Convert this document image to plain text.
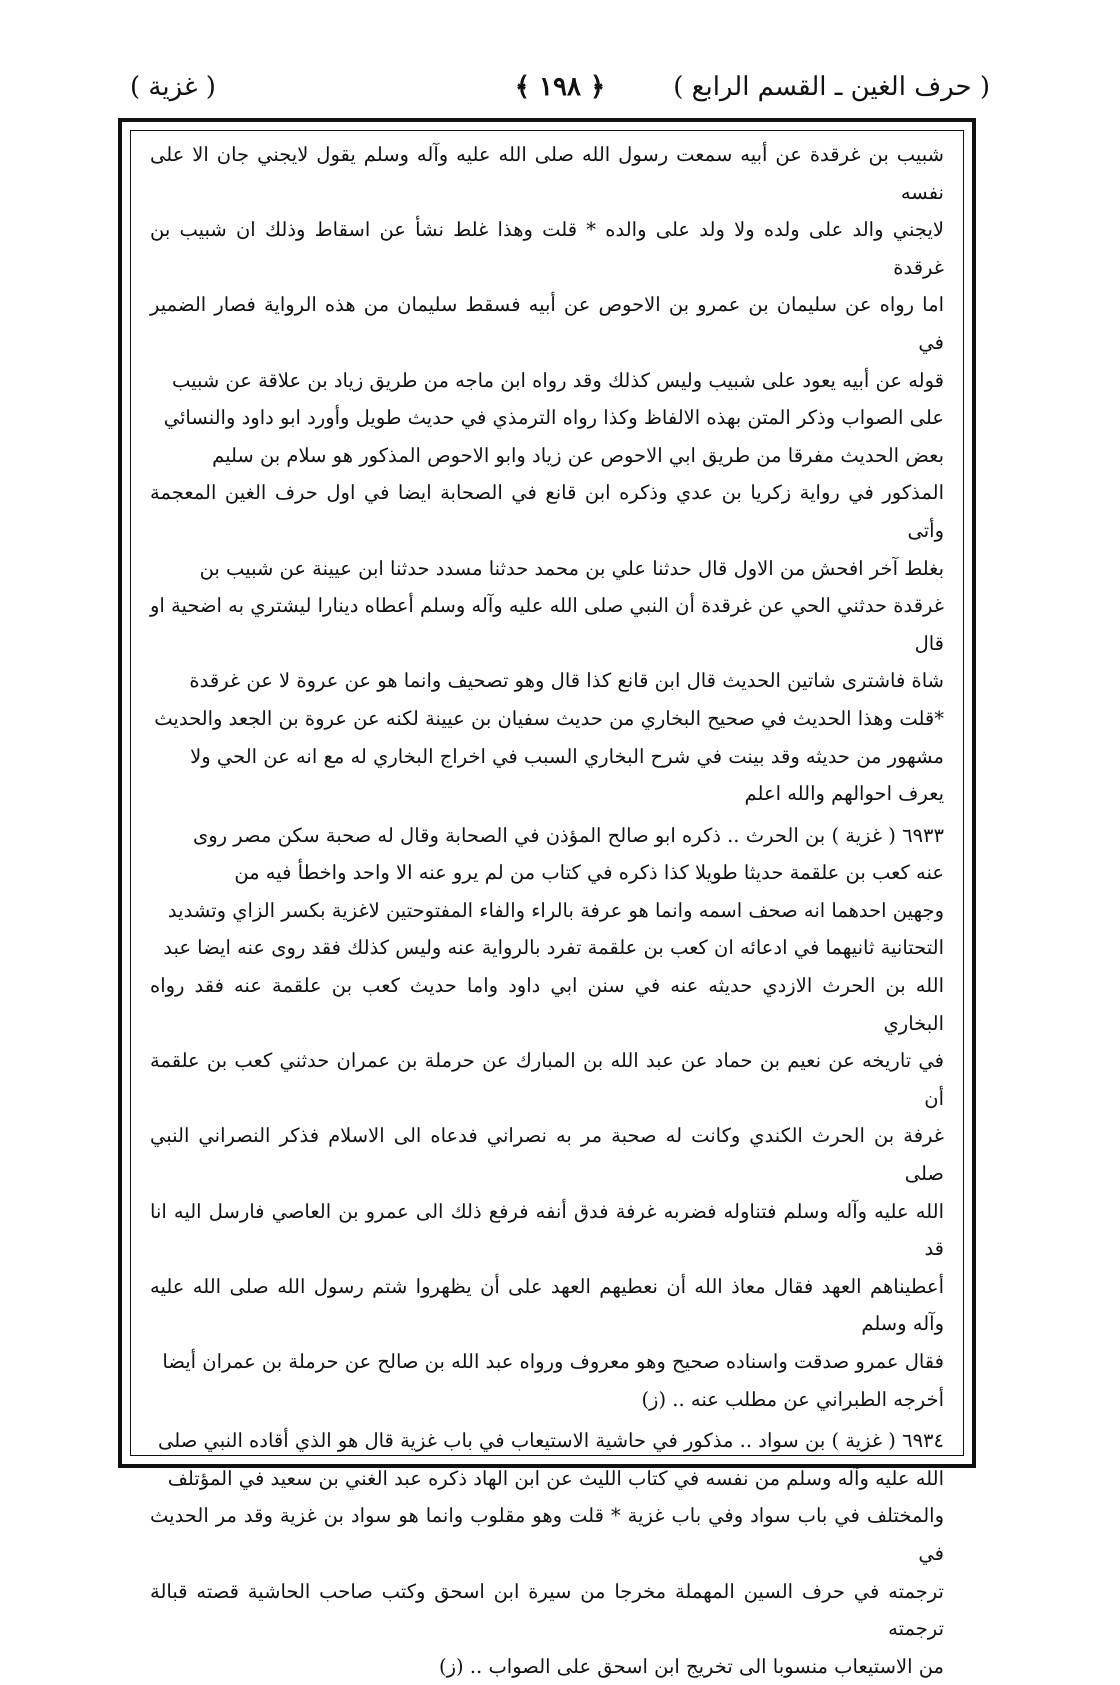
( حرف الغين ـ القسم الرابع )
﴿ ١٩٨ ﴾
( غزية )

شبيب بن غرقدة عن أبيه سمعت رسول الله صلى الله عليه وآله وسلم يقول لايجني جان الا على نفسه

لايجني والد على ولده ولا ولد على والده * قلت وهذا غلط نشأ عن اسقاط وذلك ان شبيب بن غرقدة

اما رواه عن سليمان بن عمرو بن الاحوص عن أبيه فسقط سليمان من هذه الرواية فصار الضمير في

قوله عن أبيه يعود على شبيب وليس كذلك وقد رواه ابن ماجه من طريق زياد بن علاقة عن شبيب

على الصواب وذكر المتن بهذه الالفاظ وكذا رواه الترمذي في حديث طويل وأورد ابو داود والنسائي

بعض الحديث مفرقا من طريق ابي الاحوص عن زياد وابو الاحوص المذكور هو سلام بن سليم

المذكور في رواية زكريا بن عدي وذكره ابن قانع في الصحابة ايضا في اول حرف الغين المعجمة وأتى

بغلط آخر افحش من الاول قال حدثنا علي بن محمد حدثنا مسدد حدثنا ابن عيينة عن شبيب بن

غرقدة حدثني الحي عن غرقدة أن النبي صلى الله عليه وآله وسلم أعطاه دينارا ليشتري به اضحية او قال

شاة فاشترى شاتين الحديث قال ابن قانع كذا قال وهو تصحيف وانما هو عن عروة لا عن غرقدة

*قلت وهذا الحديث في صحيح البخاري من حديث سفيان بن عيينة لكنه عن عروة بن الجعد والحديث

مشهور من حديثه وقد بينت في شرح البخاري السبب في اخراج البخاري له مع انه عن الحي ولا

يعرف احوالهم والله اعلم

٦٩٣٣ ( غزية ) بن الحرث .. ذكره ابو صالح المؤذن في الصحابة وقال له صحبة سكن مصر روى

عنه كعب بن علقمة حديثا طويلا كذا ذكره في كتاب من لم يرو عنه الا واحد واخطأ فيه من

وجهين احدهما انه صحف اسمه وانما هو عرفة بالراء والفاء المفتوحتين لاغزية بكسر الزاي وتشديد

التحتانية ثانيهما في ادعائه ان كعب بن علقمة تفرد بالرواية عنه وليس كذلك فقد روى عنه ايضا عبد

الله بن الحرث الازدي حديثه عنه في سنن ابي داود واما حديث كعب بن علقمة عنه فقد رواه البخاري

في تاريخه عن نعيم بن حماد عن عبد الله بن المبارك عن حرملة بن عمران حدثني كعب بن علقمة أن

غرفة بن الحرث الكندي وكانت له صحبة مر به نصراني فدعاه الى الاسلام فذكر النصراني النبي صلى

الله عليه وآله وسلم فتناوله فضربه غرفة فدق أنفه فرفع ذلك الى عمرو بن العاصي فارسل اليه انا قد

أعطيناهم العهد فقال معاذ الله أن نعطيهم العهد على أن يظهروا شتم رسول الله صلى الله عليه وآله وسلم

فقال عمرو صدقت واسناده صحيح وهو معروف ورواه عبد الله بن صالح عن حرملة بن عمران أيضا

أخرجه الطبراني عن مطلب عنه .. (ز)

٦٩٣٤ ( غزية ) بن سواد .. مذكور في حاشية الاستيعاب في باب غزية قال هو الذي أقاده النبي صلى

الله عليه وآله وسلم من نفسه في كتاب الليث عن ابن الهاد ذكره عبد الغني بن سعيد في المؤتلف

والمختلف في باب سواد وفي باب غزية * قلت وهو مقلوب وانما هو سواد بن غزية وقد مر الحديث في

ترجمته في حرف السين المهملة مخرجا من سيرة ابن اسحق وكتب صاحب الحاشية قصته قبالة ترجمته

من الاستيعاب منسوبا الى تخريج ابن اسحق على الصواب .. (ز)
